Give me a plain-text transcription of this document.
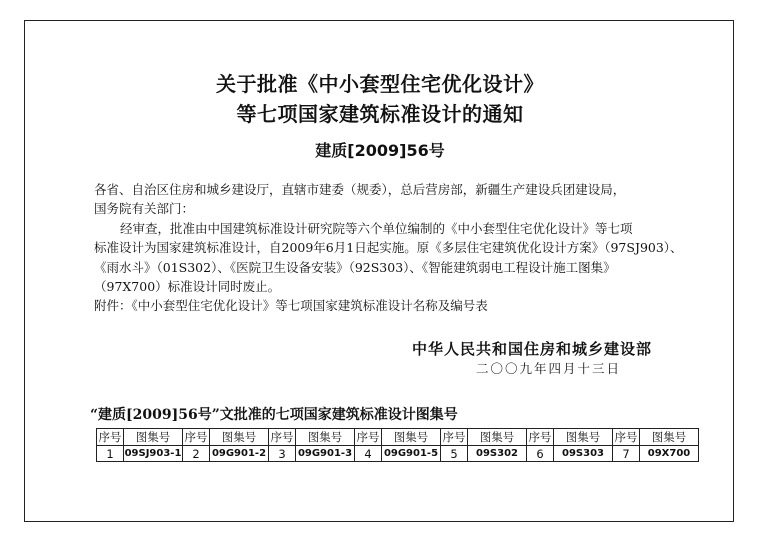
关于批准《中小套型住宅优化设计》
等七项国家建筑标准设计的通知
建质[2009]56号
各省、自治区住房和城乡建设厅，直辖市建委（规委），总后营房部，新疆生产建设兵团建设局，
国务院有关部门：
经审查，批准由中国建筑标准设计研究院等六个单位编制的《中小套型住宅优化设计》等七项
标准设计为国家建筑标准设计，自2009年6月1日起实施。原《多层住宅建筑优化设计方案》（97SJ903）、
《雨水斗》（01S302）、《医院卫生设备安装》（92S303）、《智能建筑弱电工程设计施工图集》
（97X700）标准设计同时废止。
附件：《中小套型住宅优化设计》等七项国家建筑标准设计名称及编号表
中华人民共和国住房和城乡建设部
二〇〇九年四月十三日
“建质[2009]56号”文批准的七项国家建筑标准设计图集号
序号	图集号	序号	图集号	序号	图集号	序号	图集号	序号	图集号	序号	图集号	序号	图集号
1	09SJ903-1	2	09G901-2	3	09G901-3	4	09G901-5	5	09S302	6	09S303	7	09X700
